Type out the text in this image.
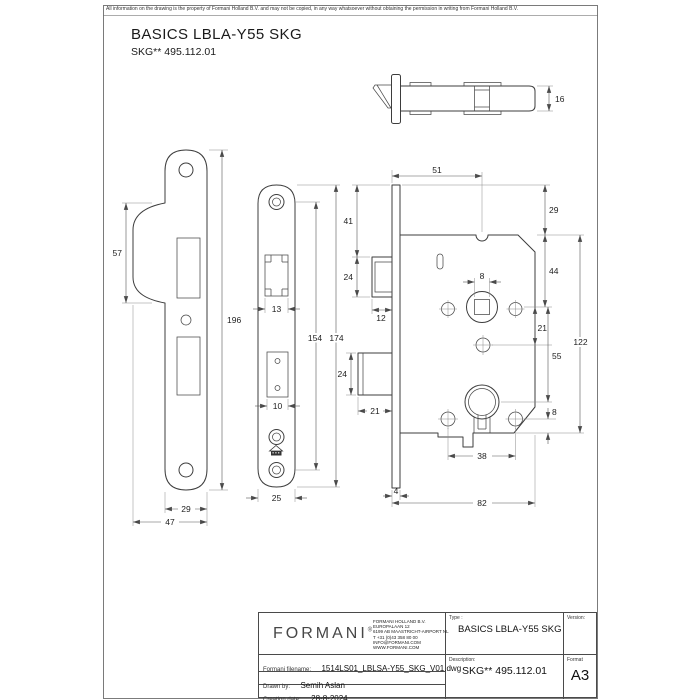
16
57
196
29
47
13
10
25
154 174
51
41
24
12
8
29
44
21
55
8
122
24
21
38
4
82
All information on the drawing is the property of Formani Holland B.V. and may not be copied, in any way whatsoever without obtaining the permission in writing from Formani Holland B.V.
BASICS LBLA-Y55 SKG
SKG** 495.112.01
FORMANI®
FORMANI HOLLAND B.V.
EUROPALAAN 12
6199 AB MAASTRICHT-AIRPORT NL
T +31 (0)43 358 80 00
INFO@FORMANI.COM
WWW.FORMANI.COM
Type :
BASICS LBLA-Y55 SKG
Version:
Formani filename: 1514LS01_LBLSA-Y55_SKG_V01.dwg
Drawn by: Semih Aslan
Creation date: 28-8-2024
Description:
SKG** 495.112.01
Format
A3
